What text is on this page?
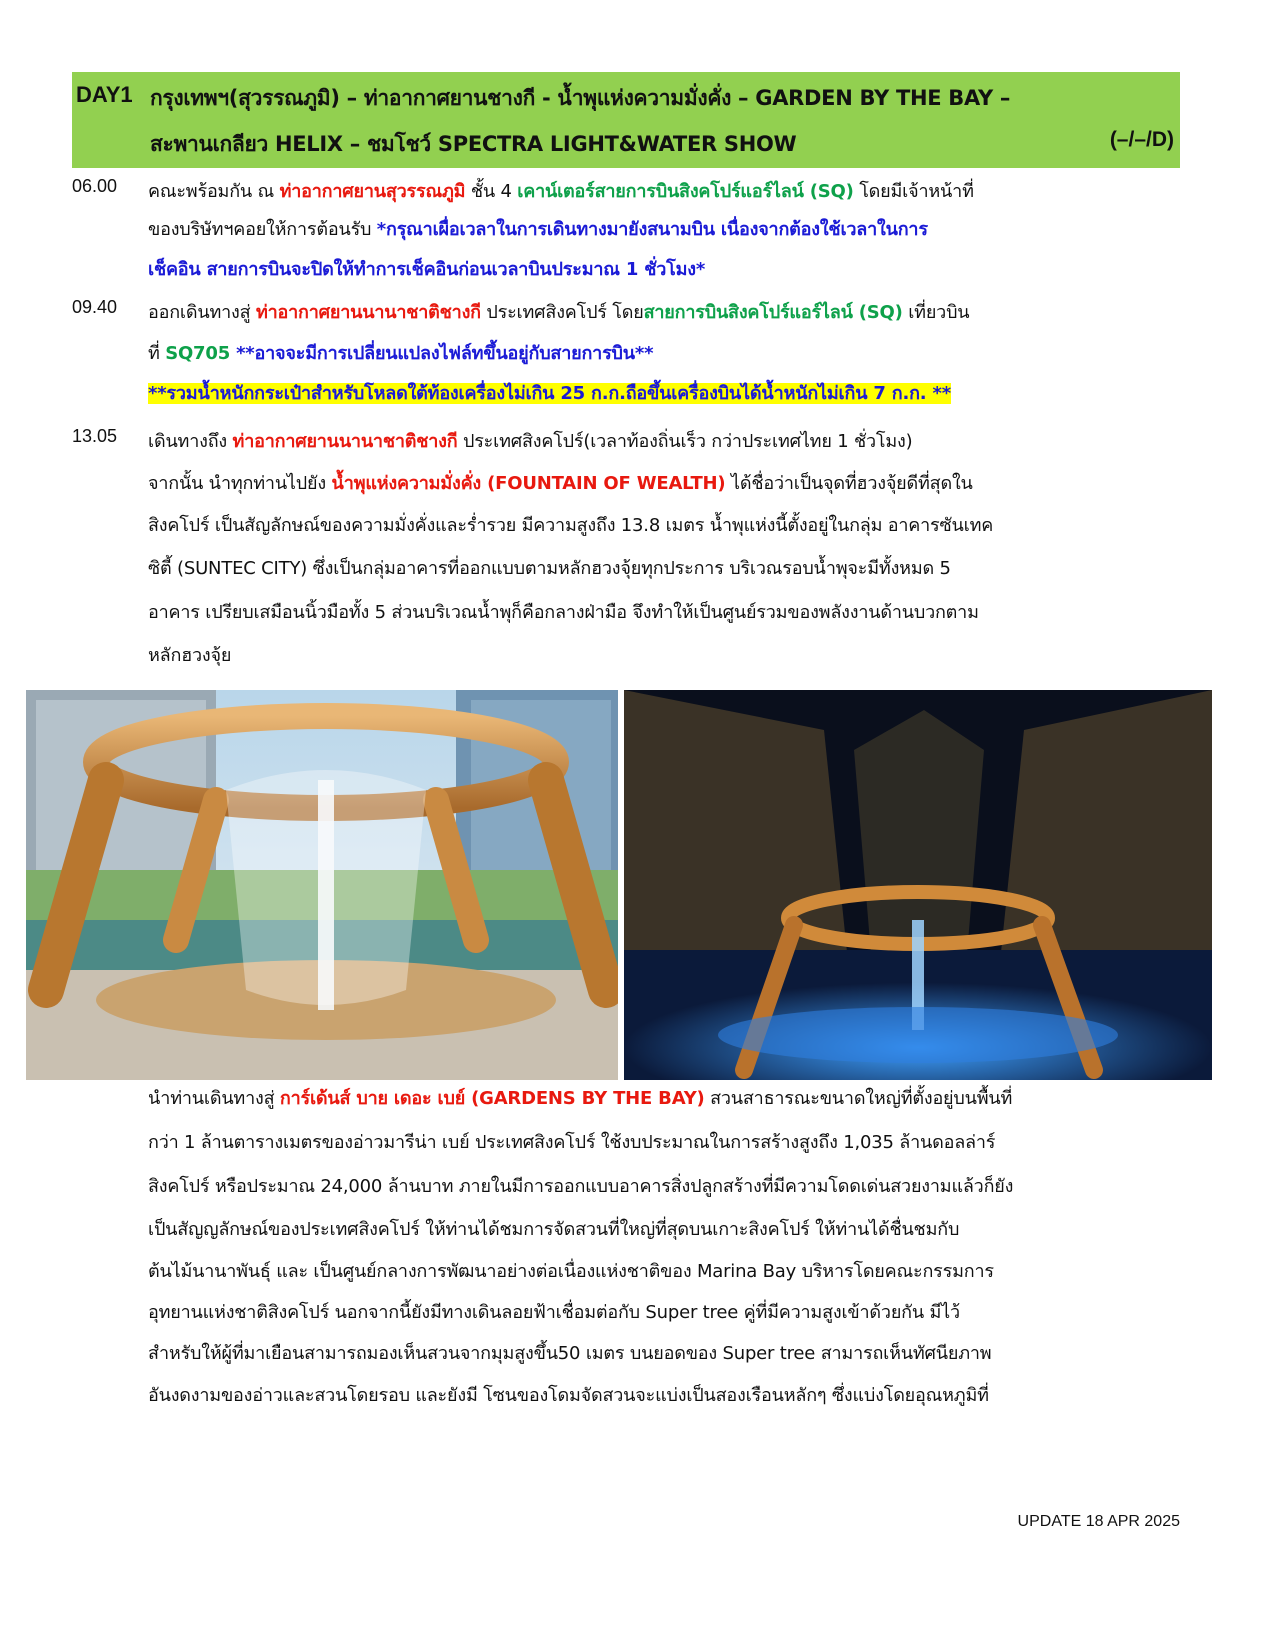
DAY1 กรุงเทพฯ(สุวรรณภูมิ) – ท่าอากาศยานชางกี - น้ำพุแห่งความมั่งคั่ง – GARDEN BY THE BAY –
สะพานเกลียว HELIX – ชมโชว์ SPECTRA LIGHT&WATER SHOW	(–/–/D)
06.00 คณะพร้อมกัน ณ ท่าอากาศยานสุวรรณภูมิ ชั้น 4 เคาน์เตอร์สายการบินสิงคโปร์แอร์ไลน์ (SQ) โดยมีเจ้าหน้าที่
ของบริษัทฯคอยให้การต้อนรับ *กรุณาเผื่อเวลาในการเดินทางมายังสนามบิน เนื่องจากต้องใช้เวลาในการ
เช็คอิน สายการบินจะปิดให้ทำการเช็คอินก่อนเวลาบินประมาณ 1 ชั่วโมง*
09.40 ออกเดินทางสู่ ท่าอากาศยานนานาชาติชางกี ประเทศสิงคโปร์ โดยสายการบินสิงคโปร์แอร์ไลน์ (SQ) เที่ยวบิน
ที่ SQ705 **อาจจะมีการเปลี่ยนแปลงไฟล์ทขึ้นอยู่กับสายการบิน**
**รวมน้ำหนักกระเป๋าสำหรับโหลดใต้ท้องเครื่องไม่เกิน 25 ก.ก.ถือขึ้นเครื่องบินได้น้ำหนักไม่เกิน 7 ก.ก. **
13.05 เดินทางถึง ท่าอากาศยานนานาชาติชางกี ประเทศสิงคโปร์(เวลาท้องถิ่นเร็ว กว่าประเทศไทย 1 ชั่วโมง)
จากนั้น นำทุกท่านไปยัง น้ำพุแห่งความมั่งคั่ง (FOUNTAIN OF WEALTH) ได้ชื่อว่าเป็นจุดที่ฮวงจุ้ยดีที่สุดใน
สิงคโปร์ เป็นสัญลักษณ์ของความมั่งคั่งและร่ำรวย มีความสูงถึง 13.8 เมตร น้ำพุแห่งนี้ตั้งอยู่ในกลุ่ม อาคารซันเทค
ซิตี้ (SUNTEC CITY) ซึ่งเป็นกลุ่มอาคารที่ออกแบบตามหลักฮวงจุ้ยทุกประการ บริเวณรอบน้ำพุจะมีทั้งหมด 5
อาคาร เปรียบเสมือนนิ้วมือทั้ง 5 ส่วนบริเวณน้ำพุก็คือกลางฝ่ามือ จึงทำให้เป็นศูนย์รวมของพลังงานด้านบวกตาม
หลักฮวงจุ้ย
นำท่านเดินทางสู่ การ์เด้นส์ บาย เดอะ เบย์ (GARDENS BY THE BAY) สวนสาธารณะขนาดใหญ่ที่ตั้งอยู่บนพื้นที่
กว่า 1 ล้านตารางเมตรของอ่าวมารีน่า เบย์ ประเทศสิงคโปร์ ใช้งบประมาณในการสร้างสูงถึง 1,035 ล้านดอลล่าร์
สิงคโปร์ หรือประมาณ 24,000 ล้านบาท ภายในมีการออกแบบอาคารสิ่งปลูกสร้างที่มีความโดดเด่นสวยงามแล้วก็ยัง
เป็นสัญญลักษณ์ของประเทศสิงคโปร์ ให้ท่านได้ชมการจัดสวนที่ใหญ่ที่สุดบนเกาะสิงคโปร์ ให้ท่านได้ชื่นชมกับ
ต้นไม้นานาพันธุ์ และ เป็นศูนย์กลางการพัฒนาอย่างต่อเนื่องแห่งชาติของ Marina Bay บริหารโดยคณะกรรมการ
อุทยานแห่งชาติสิงคโปร์ นอกจากนี้ยังมีทางเดินลอยฟ้าเชื่อมต่อกับ Super tree คู่ที่มีความสูงเข้าด้วยกัน มีไว้
สำหรับให้ผู้ที่มาเยือนสามารถมองเห็นสวนจากมุมสูงขึ้น50 เมตร บนยอดของ Super tree สามารถเห็นทัศนียภาพ
อันงดงามของอ่าวและสวนโดยรอบ และยังมี โซนของโดมจัดสวนจะแบ่งเป็นสองเรือนหลักๆ ซึ่งแบ่งโดยอุณหภูมิที่
UPDATE 18 APR 2025
